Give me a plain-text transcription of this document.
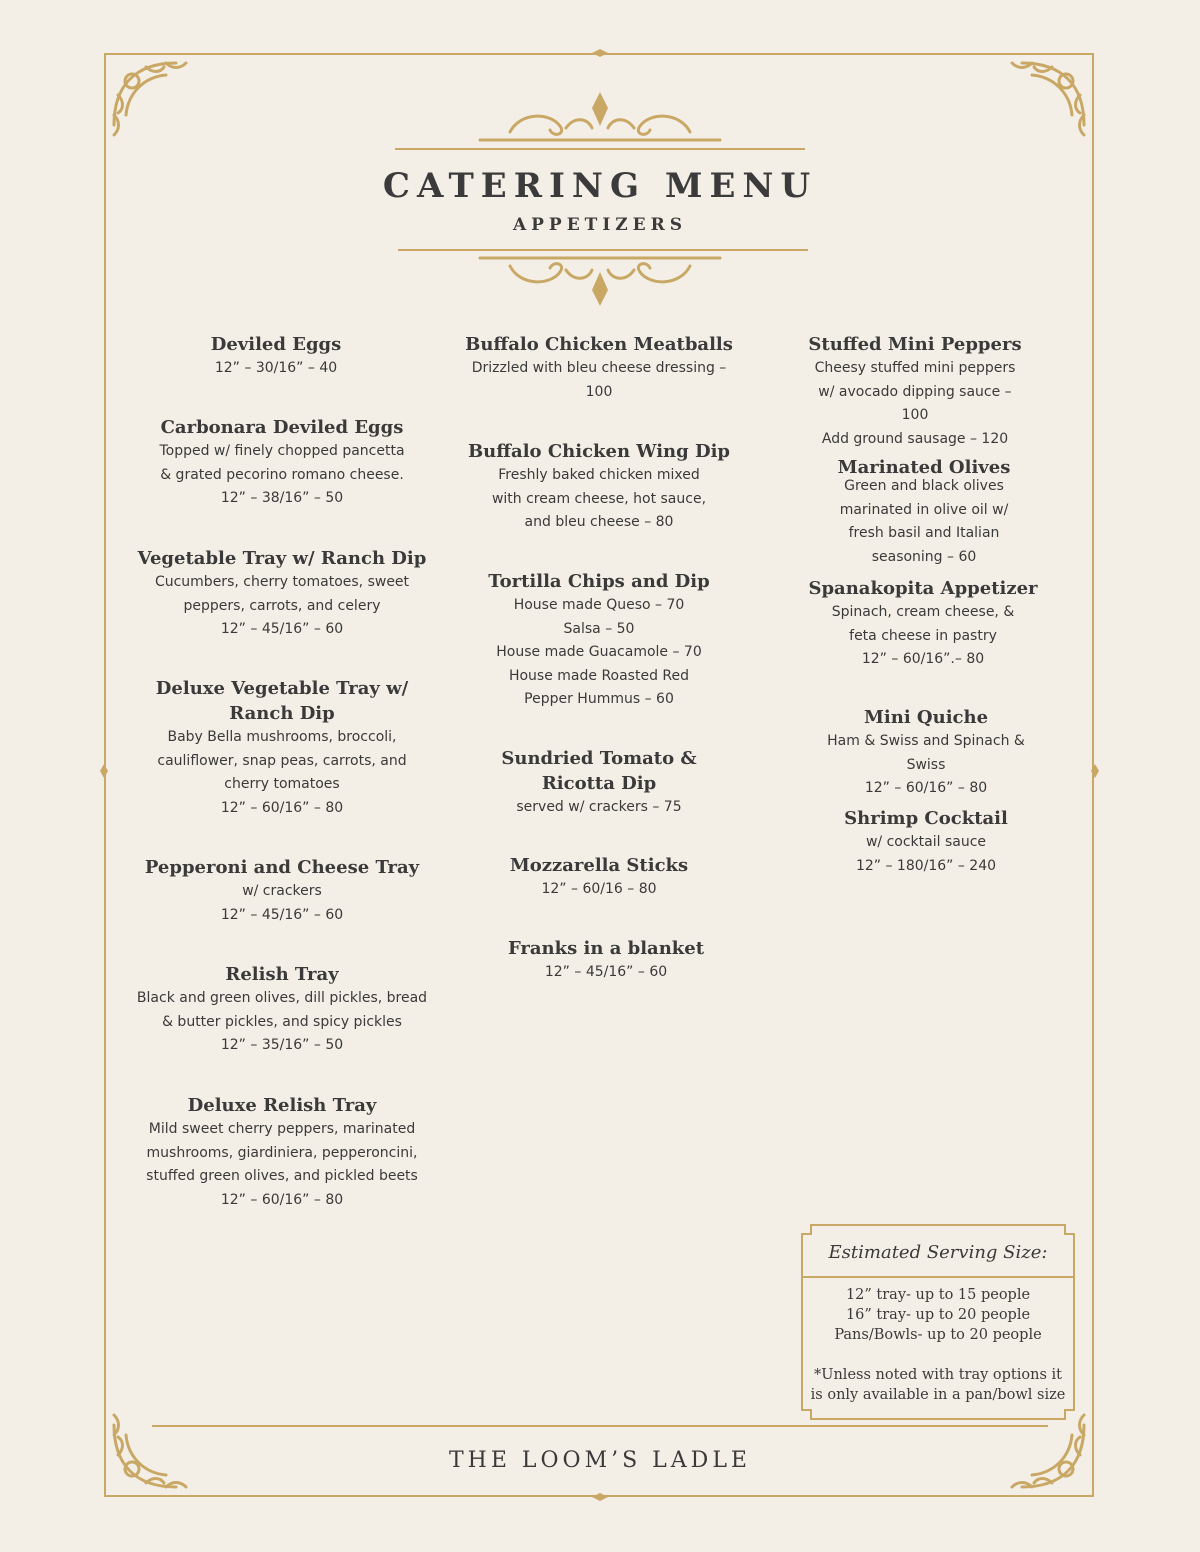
CATERING MENU
APPETIZERS
Deviled Eggs
12” – 30/16” – 40
Carbonara Deviled Eggs
Topped w/ finely chopped pancetta
& grated pecorino romano cheese.
12” – 38/16” – 50
Vegetable Tray w/ Ranch Dip
Cucumbers, cherry tomatoes, sweet
peppers, carrots, and celery
12” – 45/16” – 60
Deluxe Vegetable Tray w/ Ranch Dip
Baby Bella mushrooms, broccoli,
cauliflower, snap peas, carrots, and
cherry tomatoes
12” – 60/16” – 80
Pepperoni and Cheese Tray
w/ crackers
12” – 45/16” – 60
Relish Tray
Black and green olives, dill pickles, bread
& butter pickles, and spicy pickles
12” – 35/16” – 50
Deluxe Relish Tray
Mild sweet cherry peppers, marinated
mushrooms, giardiniera, pepperoncini,
stuffed green olives, and pickled beets
12” – 60/16” – 80
Buffalo Chicken Meatballs
Drizzled with bleu cheese dressing –
100
Buffalo Chicken Wing Dip
Freshly baked chicken mixed
with cream cheese, hot sauce,
and bleu cheese – 80
Tortilla Chips and Dip
House made Queso – 70
Salsa – 50
House made Guacamole – 70
House made Roasted Red
Pepper Hummus – 60
Sundried Tomato & Ricotta Dip
served w/ crackers – 75
Mozzarella Sticks
12” – 60/16 – 80
Franks in a blanket
12” – 45/16” – 60
Stuffed Mini Peppers
Cheesy stuffed mini peppers
w/ avocado dipping sauce –
100
Add ground sausage – 120
Marinated Olives
Green and black olives
marinated in olive oil w/
fresh basil and Italian
seasoning – 60
Spanakopita Appetizer
Spinach, cream cheese, &
feta cheese in pastry
12” – 60/16”.– 80
Mini Quiche
Ham & Swiss and Spinach &
Swiss
12” – 60/16” – 80
Shrimp Cocktail
w/ cocktail sauce
12” – 180/16” – 240
Estimated Serving Size:
12” tray- up to 15 people
16” tray- up to 20 people
Pans/Bowls- up to 20 people
*Unless noted with tray options it
is only available in a pan/bowl size
THE LOOM’S LADLE
